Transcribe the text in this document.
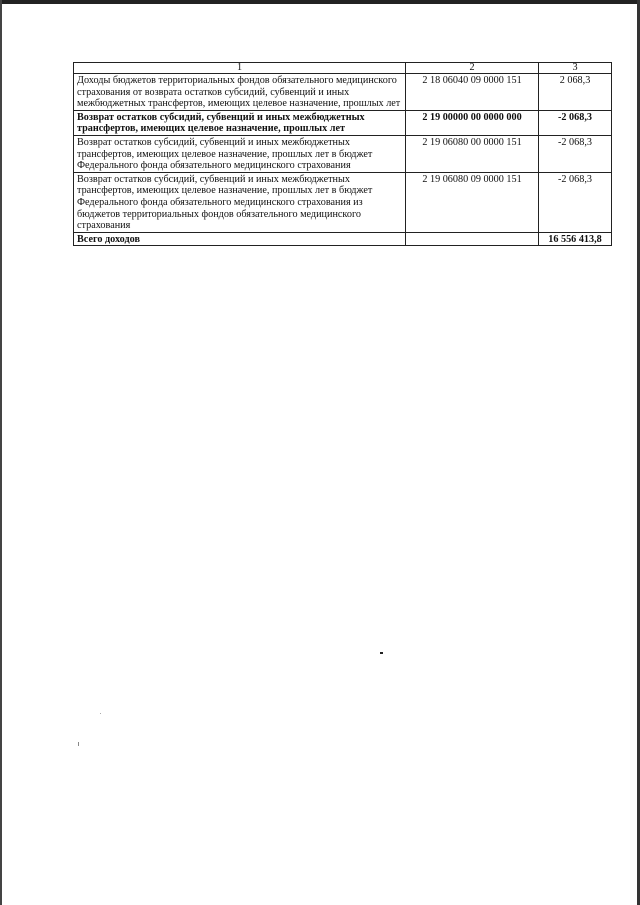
1	2	3
Доходы бюджетов территориальных фондов обязательного медицинского страхования от возврата остатков субсидий, субвенций и иных межбюджетных трансфертов, имеющих целевое назначение, прошлых лет	2 18 06040 09 0000 151	2 068,3
Возврат остатков субсидий, субвенций и иных межбюджетных трансфертов, имеющих целевое назначение, прошлых лет	2 19 00000 00 0000 000	-2 068,3
Возврат остатков субсидий, субвенций и иных межбюджетных трансфертов, имеющих целевое назначение, прошлых лет в бюджет Федерального фонда обязательного медицинского страхования	2 19 06080 00 0000 151	-2 068,3
Возврат остатков субсидий, субвенций и иных межбюджетных трансфертов, имеющих целевое назначение, прошлых лет в бюджет Федерального фонда обязательного медицинского страхования из бюджетов территориальных фондов обязательного медицинского страхования	2 19 06080 09 0000 151	-2 068,3
Всего доходов		16 556 413,8
